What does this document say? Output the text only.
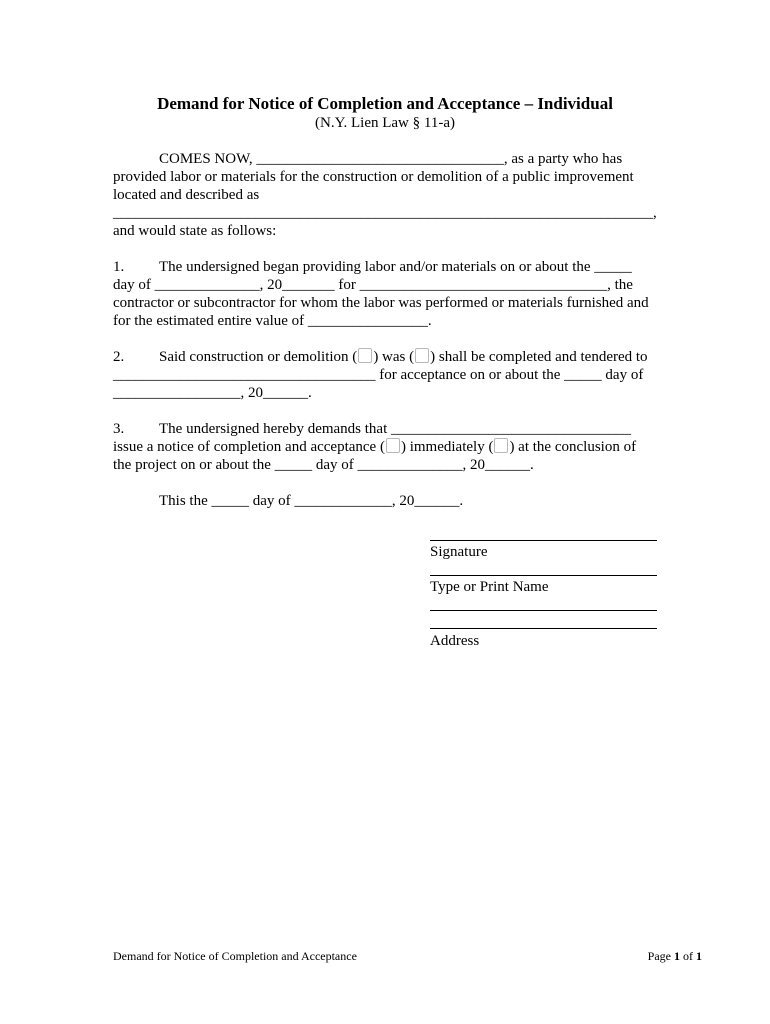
Demand for Notice of Completion and Acceptance – Individual
(N.Y. Lien Law § 11-a)

COMES NOW, _________________________________, as a party who has

provided labor or materials for the construction or demolition of a public improvement

located and described as

________________________________________________________________________,

and would state as follows:

1. The undersigned began providing labor and/or materials on or about the _____

day of ______________, 20_______ for _________________________________, the

contractor or subcontractor for whom the labor was performed or materials furnished and

for the estimated entire value of ________________.

2. Said construction or demolition ( ) was ( ) shall be completed and tendered to

___________________________________ for acceptance on or about the _____ day of

_________________, 20______.

3. The undersigned hereby demands that ________________________________

issue a notice of completion and acceptance ( ) immediately ( ) at the conclusion of

the project on or about the _____ day of ______________, 20______.

This the _____ day of _____________, 20______.

Signature
Type or Print Name
Address
Demand for Notice of Completion and Acceptance	Page 1 of 1
